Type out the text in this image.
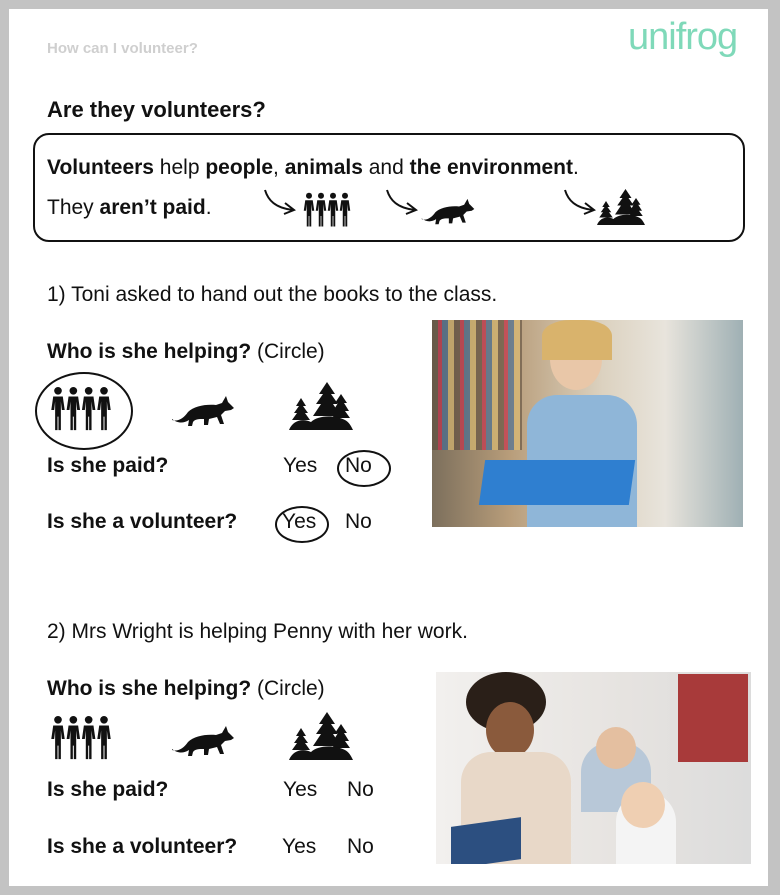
How can I volunteer?	unifrog
Are they volunteers?
Volunteers help people, animals and the environment.
They aren’t paid.
1) Toni asked to hand out the books to the class.
Who is she helping? (Circle)
Is she paid?	Yes No
Is she a volunteer? Yes No
2) Mrs Wright is helping Penny with her work.
Who is she helping? (Circle)
Is she paid?	Yes No
Is she a volunteer? Yes No
